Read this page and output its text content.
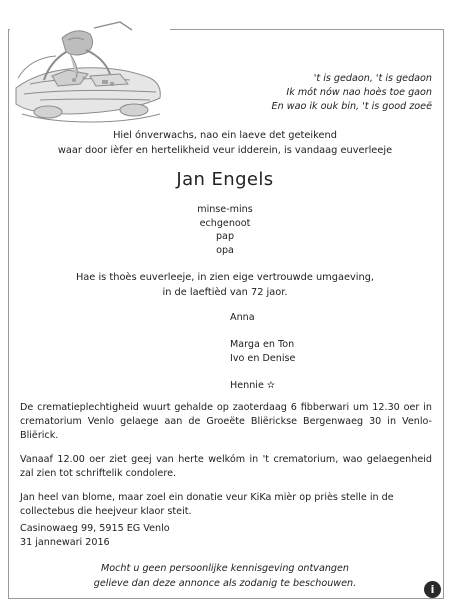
't is gedaon, 't is gedaon
Ik mót nów nao hoès toe gaon
En wao ik ouk bin, 't is good zoeë
Hiel ónverwachs, nao ein laeve det geteikend
waar door ièfer en hertelikheid veur idderein, is vandaag euverleeje
Jan Engels
minse-mins
echgenoot
pap
opa
Hae is thoès euverleeje, in zien eige vertrouwde umgaeving,
in de laeftièd van 72 jaor.
Anna
Marga en Ton
Ivo en Denise
Hennie ✫

De crematieplechtigheid wuurt gehalde op zaoterdaag 6 fibberwari um 12.30 oer in crematorium Venlo gelaege aan de Groeëte Bliërickse Bergenwaeg 30 in Venlo-Bliërick.

Vanaaf 12.00 oer ziet geej van herte welkóm in 't crematorium, wao gelaegenheid zal zien tot schriftelik condolere.

Jan heel van blome, maar zoel ein donatie veur KiKa mièr op priès stelle in de collectebus die heejveur klaor steit.

Casinowaeg 99, 5915 EG Venlo
31 jannewari 2016
Mocht u geen persoonlijke kennisgeving ontvangen
gelieve dan deze annonce als zodanig te beschouwen.	i
